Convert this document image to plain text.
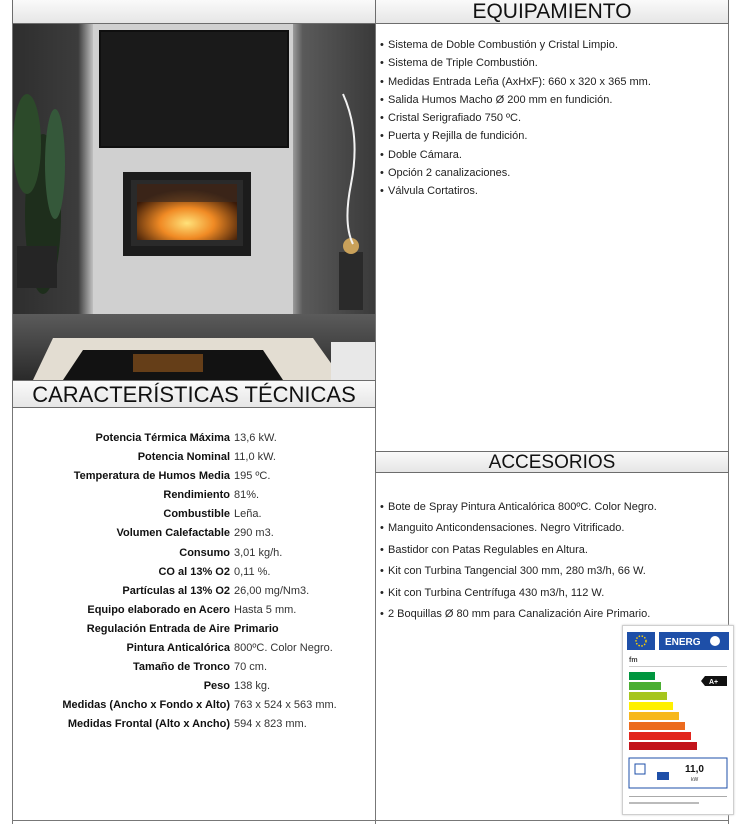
EQUIPAMIENTO
• Sistema de Doble Combustión y Cristal Limpio.
• Sistema de Triple Combustión.
• Medidas Entrada Leña (AxHxF): 660 x 320 x 365 mm.
• Salida Humos Macho Ø 200 mm en fundición.
• Cristal Serigrafiado 750 ºC.
• Puerta y Rejilla de fundición.
• Doble Cámara.
• Opción 2 canalizaciones.
• Válvula Cortatiros.
CARACTERÍSTICAS TÉCNICAS
Potencia Térmica Máxima 13,6 kW.
Potencia Nominal 11,0 kW.
Temperatura de Humos Media 195 ºC.
Rendimiento 81%.
Combustible Leña.
Volumen Calefactable 290 m3.
Consumo 3,01 kg/h.
CO al 13% O2 0,11 %.
Partículas al 13% O2 26,00 mg/Nm3.
Equipo elaborado en Acero Hasta 5 mm.
Regulación Entrada de Aire Primario
Pintura Anticalórica 800ºC. Color Negro.
Tamaño de Tronco 70 cm.
Peso 138 kg.
Medidas (Ancho x Fondo x Alto) 763 x 524 x 563 mm.
Medidas Frontal (Alto x Ancho) 594 x 823 mm.
ACCESORIOS
• Bote de Spray Pintura Anticalórica 800ºC. Color Negro.
• Manguito Anticondensaciones. Negro Vitrificado.
• Bastidor con Patas Regulables en Altura.
• Kit con Turbina Tangencial 300 mm, 280 m3/h, 66 W.
• Kit con Turbina Centrífuga 430 m3/h, 112 W.
• 2 Boquillas Ø 80 mm para Canalización Aire Primario.
ENERG
fm
A+
11,0
kW
